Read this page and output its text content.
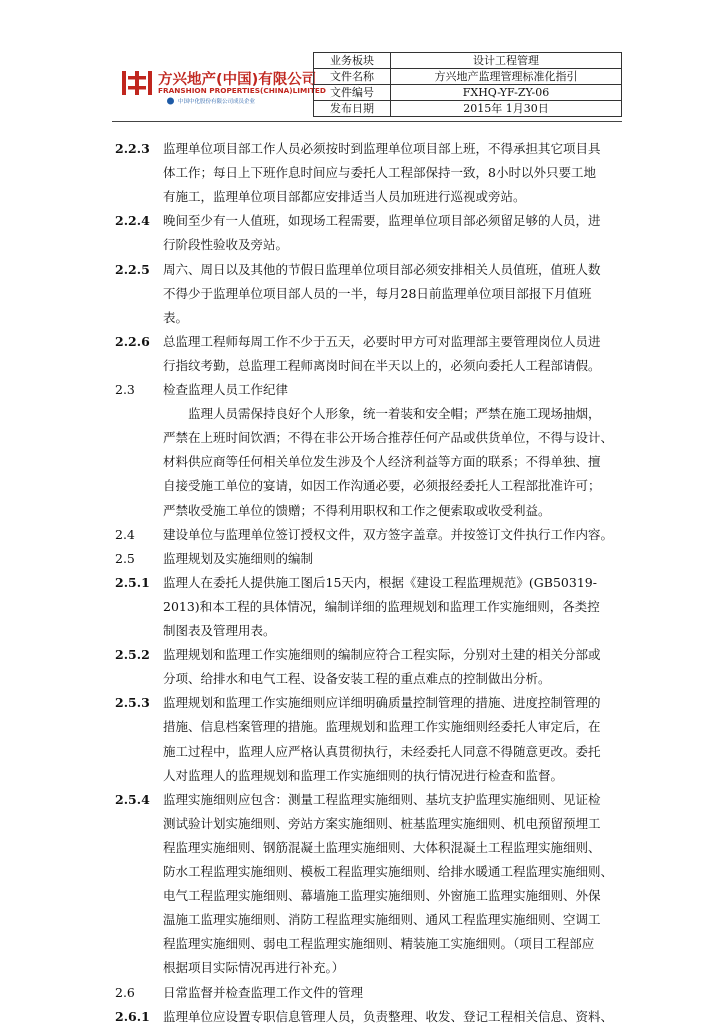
方兴地产(中国)有限公司
FRANSHION PROPERTIES(CHINA)LIMITED
中国中化股份有限公司成员企业
业务板块	设计工程管理
文件名称	方兴地产监理管理标准化指引
文件编号	FXHQ-YF-ZY-06
发布日期	2015年 1月30日
2.2.3 监理单位项目部工作人员必须按时到监理单位项目部上班，不得承担其它项目具
体工作；每日上下班作息时间应与委托人工程部保持一致，8小时以外只要工地
有施工，监理单位项目部都应安排适当人员加班进行巡视或旁站。
2.2.4 晚间至少有一人值班，如现场工程需要，监理单位项目部必须留足够的人员，进
行阶段性验收及旁站。
2.2.5 周六、周日以及其他的节假日监理单位项目部必须安排相关人员值班，值班人数
不得少于监理单位项目部人员的一半，每月28日前监理单位项目部报下月值班
表。
2.2.6 总监理工程师每周工作不少于五天，必要时甲方可对监理部主要管理岗位人员进
行指纹考勤，总监理工程师离岗时间在半天以上的，必须向委托人工程部请假。
2.3 检查监理人员工作纪律
　　监理人员需保持良好个人形象，统一着装和安全帽；严禁在施工现场抽烟，
严禁在上班时间饮酒；不得在非公开场合推荐任何产品或供货单位，不得与设计、
材料供应商等任何相关单位发生涉及个人经济利益等方面的联系；不得单独、擅
自接受施工单位的宴请，如因工作沟通必要，必须报经委托人工程部批准许可；
严禁收受施工单位的馈赠；不得利用职权和工作之便索取或收受利益。
2.4 建设单位与监理单位签订授权文件，双方签字盖章。并按签订文件执行工作内容。
2.5 监理规划及实施细则的编制
2.5.1 监理人在委托人提供施工图后15天内，根据《建设工程监理规范》(GB50319-
2013)和本工程的具体情况，编制详细的监理规划和监理工作实施细则，各类控
制图表及管理用表。
2.5.2 监理规划和监理工作实施细则的编制应符合工程实际，分别对土建的相关分部或
分项、给排水和电气工程、设备安装工程的重点难点的控制做出分析。
2.5.3 监理规划和监理工作实施细则应详细明确质量控制管理的措施、进度控制管理的
措施、信息档案管理的措施。监理规划和监理工作实施细则经委托人审定后，在
施工过程中，监理人应严格认真贯彻执行，未经委托人同意不得随意更改。委托
人对监理人的监理规划和监理工作实施细则的执行情况进行检查和监督。
2.5.4 监理实施细则应包含：测量工程监理实施细则、基坑支护监理实施细则、见证检
测试验计划实施细则、旁站方案实施细则、桩基监理实施细则、机电预留预埋工
程监理实施细则、钢筋混凝土监理实施细则、大体积混凝土工程监理实施细则、
防水工程监理实施细则、模板工程监理实施细则、给排水暖通工程监理实施细则、
电气工程监理实施细则、幕墙施工监理实施细则、外窗施工监理实施细则、外保
温施工监理实施细则、消防工程监理实施细则、通风工程监理实施细则、空调工
程监理实施细则、弱电工程监理实施细则、精装施工实施细则。（项目工程部应
根据项目实际情况再进行补充。）
2.6 日常监督并检查监理工作文件的管理
2.6.1 监理单位应设置专职信息管理人员，负责整理、收发、登记工程相关信息、资料、
